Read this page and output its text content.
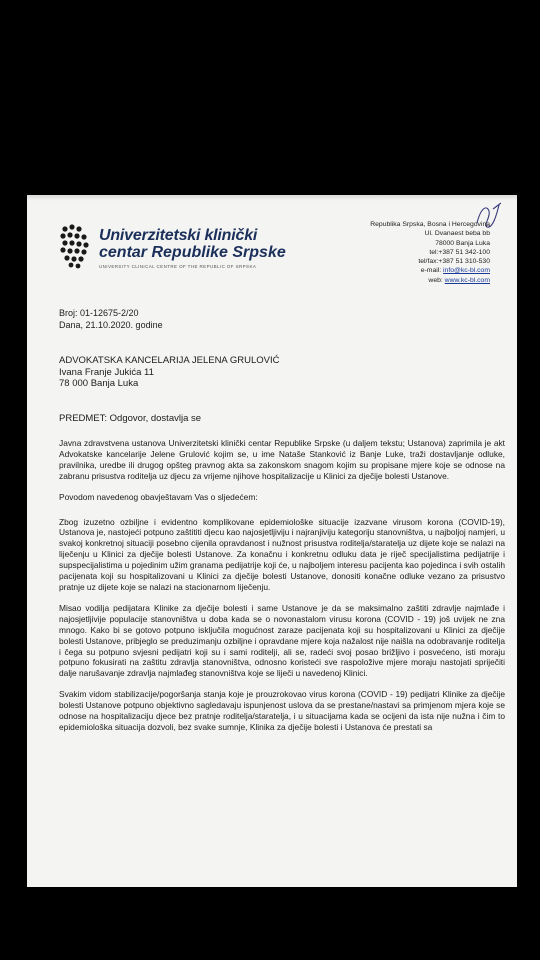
Univerzitetski klinički
centar Republike Srpske
UNIVERSITY CLINICAL CENTRE OF THE REPUBLIC OF SRPSKA
Republika Srpska, Bosna i Hercegovina
Ul. Dvanaest beba bb
78000 Banja Luka
tel:+387 51 342-100
tel/fax:+387 51 310-530
e-mail: info@kc-bl.com
web: www.kc-bl.com
Broj: 01-12675-2/20
Dana, 21.10.2020. godine
ADVOKATSKA KANCELARIJA JELENA GRULOVIĆ
Ivana Franje Jukića 11
78 000 Banja Luka
PREDMET: Odgovor, dostavlja se

Javna zdravstvena ustanova Univerzitetski klinički centar Republike Srpske (u daljem tekstu; Ustanova) zaprimila je akt Advokatske kancelarije Jelene Grulović kojim se, u ime Nataše Stanković iz Banje Luke, traži dostavljanje odluke, pravilnika, uredbe ili drugog opšteg pravnog akta sa zakonskom snagom kojim su propisane mjere koje se odnose na zabranu prisustva roditelja uz djecu za vrijeme njihove hospitalizacije u Klinici za dječije bolesti Ustanove.

Povodom navedenog obavještavam Vas o sljedećem:

Zbog izuzetno ozbiljne i evidentno komplikovane epidemiološke situacije izazvane virusom korona (COVID-19), Ustanova je, nastojeći potpuno zaštititi djecu kao najosjetljiviju i najranjiviju kategoriju stanovništva, u najboljoj namjeri, u svakoj konkretnoj situaciji posebno cijenila opravdanost i nužnost prisustva roditelja/staratelja uz dijete koje se nalazi na liječenju u Klinici za dječije bolesti Ustanove. Za konačnu i konkretnu odluku data je riječ specijalistima pedijatrije i supspecijalistima u pojedinim užim granama pedijatrije koji će, u najboljem interesu pacijenta kao pojedinca i svih ostalih pacijenata koji su hospitalizovani u Klinici za dječije bolesti Ustanove, donositi konačne odluke vezano za prisustvo pratnje uz dijete koje se nalazi na stacionarnom liječenju.

Misao vodilja pedijatara Klinike za dječije bolesti i same Ustanove je da se maksimalno zaštiti zdravlje najmlađe i najosjetljivije populacije stanovništva u doba kada se o novonastalom virusu korona (COVID - 19) još uvijek ne zna mnogo. Kako bi se gotovo potpuno isključila mogućnost zaraze pacijenata koji su hospitalizovani u Klinici za dječije bolesti Ustanove, pribjeglo se preduzimanju ozbiljne i opravdane mjere koja nažalost nije naišla na odobravanje roditelja i čega su potpuno svjesni pedijatri koji su i sami roditelji, ali se, radeći svoj posao brižljivo i posvećeno, isti moraju potpuno fokusirati na zaštitu zdravlja stanovništva, odnosno koristeći sve raspoložive mjere moraju nastojati spriječiti dalje narušavanje zdravlja najmlađeg stanovništva koje se liječi u navedenoj Klinici.

Svakim vidom stabilizacije/pogoršanja stanja koje je prouzrokovao virus korona (COVID - 19) pedijatri Klinike za dječije bolesti Ustanove potpuno objektivno sagledavaju ispunjenost uslova da se prestane/nastavi sa primjenom mjera koje se odnose na hospitalizaciju djece bez pratnje roditelja/staratelja, i u situacijama kada se ocijeni da ista nije nužna i čim to epidemiološka situacija dozvoli, bez svake sumnje, Klinika za dječije bolesti i Ustanova će prestati sa
